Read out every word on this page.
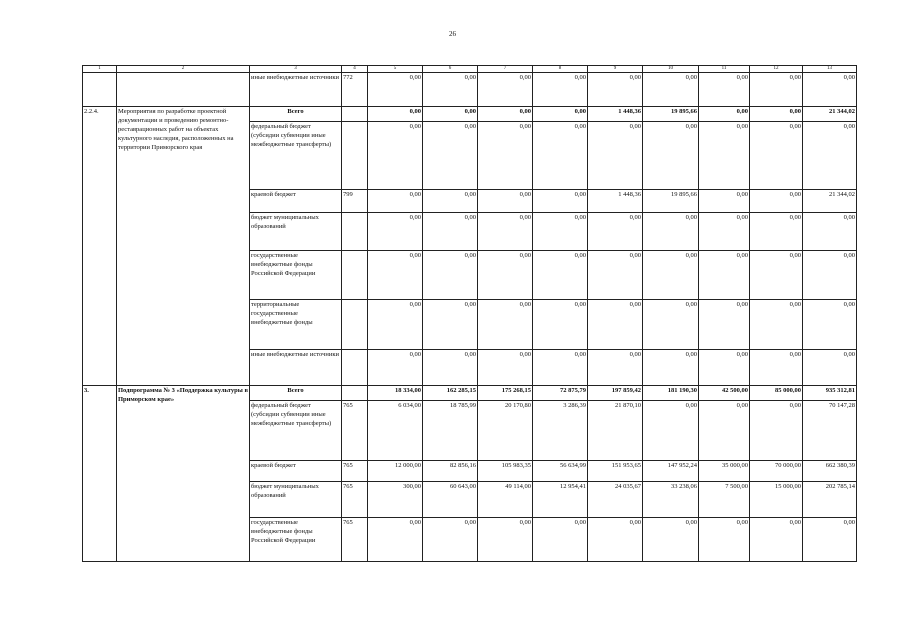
26
1	2	3	4	5	6	7	8	9	10	11	12	13
		иные внебюджетные источники	772	0,00	0,00	0,00	0,00	0,00	0,00	0,00	0,00	0,00
2.2.4.	Мероприятия по разработке проектной документации и проведению ремонтно-реставрационных работ на объектах культурного наследия, расположенных на территории Приморского края	Всего		0,00	0,00	0,00	0,00	1 448,36	19 895,66	0,00	0,00	21 344,02
		федеральный бюджет (субсидии субвенции иные межбюджетные трансферты)		0,00	0,00	0,00	0,00	0,00	0,00	0,00	0,00	0,00
		краевой бюджет	799	0,00	0,00	0,00	0,00	1 448,36	19 895,66	0,00	0,00	21 344,02
		бюджет муниципальных образований		0,00	0,00	0,00	0,00	0,00	0,00	0,00	0,00	0,00
		государственные внебюджетные фонды Российской Федерации		0,00	0,00	0,00	0,00	0,00	0,00	0,00	0,00	0,00
		территориальные государственные внебюджетные фонды		0,00	0,00	0,00	0,00	0,00	0,00	0,00	0,00	0,00
		иные внебюджетные источники		0,00	0,00	0,00	0,00	0,00	0,00	0,00	0,00	0,00
3.	Подпрограмма № 3 «Поддержка культуры в Приморском крае»	Всего		18 334,00	162 285,15	175 268,15	72 875,79	197 859,42	181 190,30	42 500,00	85 000,00	935 312,81
		федеральный бюджет (субсидии субвенции иные межбюджетные трансферты)	765	6 034,00	18 785,99	20 170,80	3 286,39	21 870,10	0,00	0,00	0,00	70 147,28
		краевой бюджет	765	12 000,00	82 856,16	105 983,35	56 634,99	151 953,65	147 952,24	35 000,00	70 000,00	662 380,39
		бюджет муниципальных образований	765	300,00	60 643,00	49 114,00	12 954,41	24 035,67	33 238,06	7 500,00	15 000,00	202 785,14
		государственные внебюджетные фонды Российской Федерации	765	0,00	0,00	0,00	0,00	0,00	0,00	0,00	0,00	0,00
